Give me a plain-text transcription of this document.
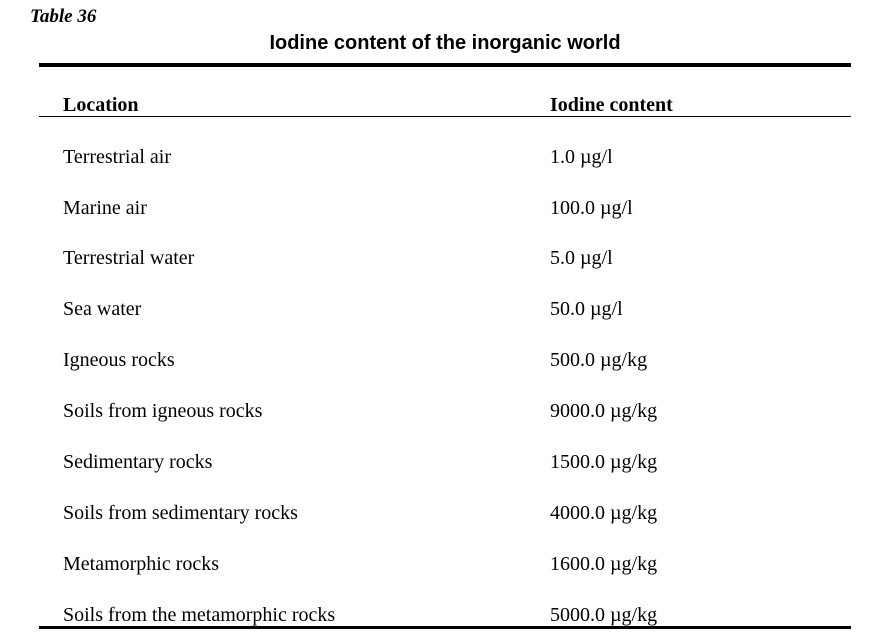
Table 36
Iodine content of the inorganic world
Location	Iodine content
Terrestrial air	1.0 µg/l
Marine air	100.0 µg/l
Terrestrial water	5.0 µg/l
Sea water	50.0 µg/l
Igneous rocks	500.0 µg/kg
Soils from igneous rocks	9000.0 µg/kg
Sedimentary rocks	1500.0 µg/kg
Soils from sedimentary rocks	4000.0 µg/kg
Metamorphic rocks	1600.0 µg/kg
Soils from the metamorphic rocks	5000.0 µg/kg
